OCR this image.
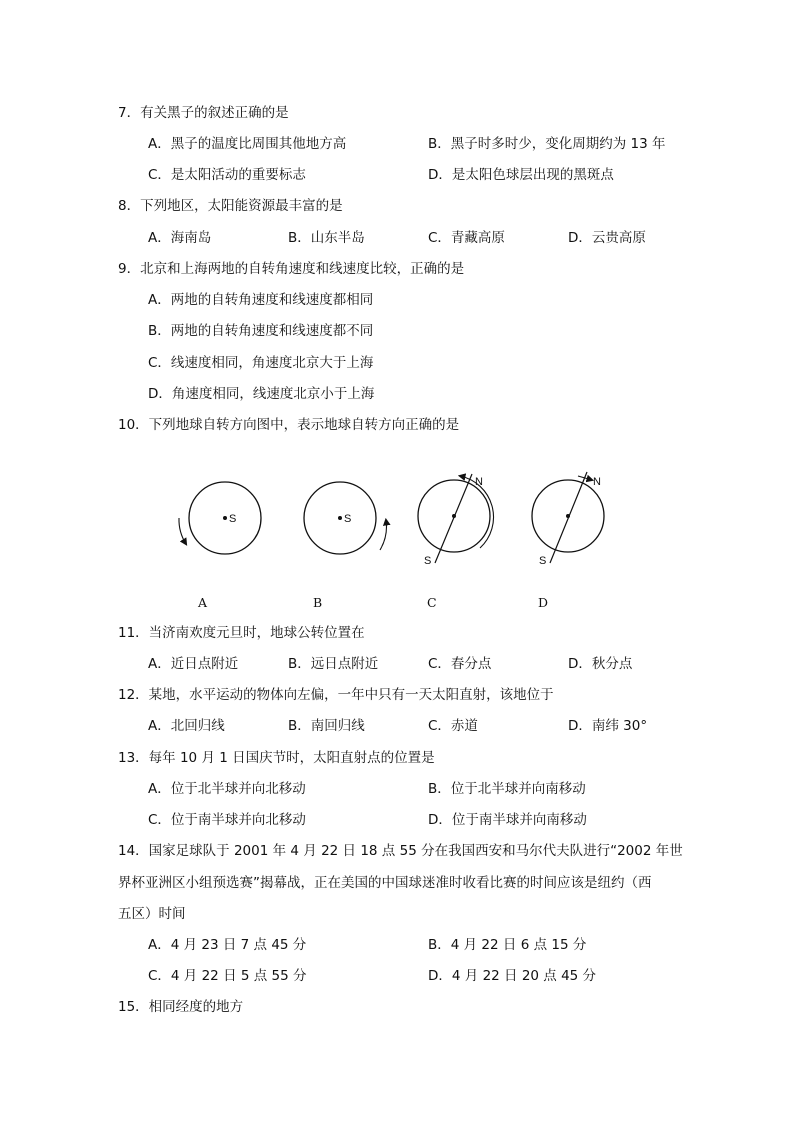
7．有关黑子的叙述正确的是
A．黑子的温度比周围其他地方高	B．黑子时多时少，变化周期约为 13 年
C．是太阳活动的重要标志	D．是太阳色球层出现的黑斑点
8．下列地区，太阳能资源最丰富的是
A．海南岛	B．山东半岛	C．青藏高原	D．云贵高原
9．北京和上海两地的自转角速度和线速度比较，正确的是
A．两地的自转角速度和线速度都相同
B．两地的自转角速度和线速度都不同
C．线速度相同，角速度北京大于上海
D．角速度相同，线速度北京小于上海
10．下列地球自转方向图中，表示地球自转方向正确的是
S	S
N
S
N
S
A	B	C	D
11．当济南欢度元旦时，地球公转位置在
A．近日点附近	B．远日点附近	C．春分点	D．秋分点
12．某地，水平运动的物体向左偏，一年中只有一天太阳直射，该地位于
A．北回归线	B．南回归线	C．赤道	D．南纬 30°
13．每年 10 月 1 日国庆节时，太阳直射点的位置是
A．位于北半球并向北移动	B．位于北半球并向南移动
C．位于南半球并向北移动	D．位于南半球并向南移动
14．国家足球队于 2001 年 4 月 22 日 18 点 55 分在我国西安和马尔代夫队进行“2002 年世
界杯亚洲区小组预选赛”揭幕战，正在美国的中国球迷准时收看比赛的时间应该是纽约（西
五区）时间
A．4 月 23 日 7 点 45 分	B．4 月 22 日 6 点 15 分
C．4 月 22 日 5 点 55 分	D．4 月 22 日 20 点 45 分
15．相同经度的地方
